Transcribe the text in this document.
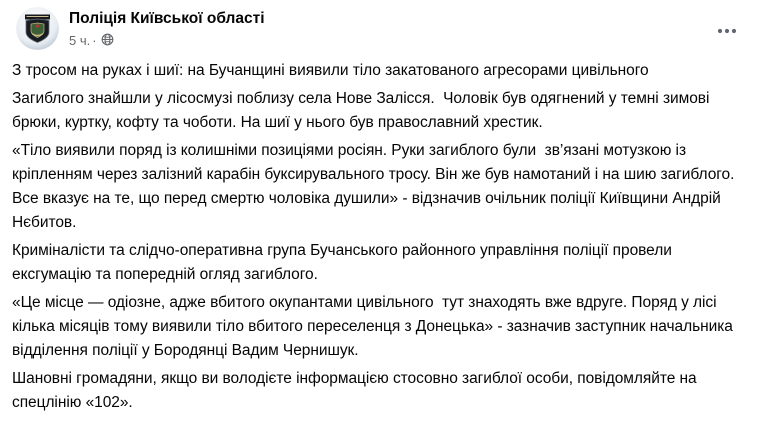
Поліція Київської області
5 ч. ·

З тросом на руках і шиї: на Бучанщині виявили тіло закатованого агресорами цивільного

Загиблого знайшли у лісосмузі поблизу села Нове Залісся.  Чоловік був одягнений у темні зимові брюки, куртку, кофту та чоботи. На шиї у нього був православний хрестик.

«Тіло виявили поряд із колишніми позиціями росіян. Руки загиблого були  зв’язані мотузкою із кріпленням через залізний карабін буксирувального тросу. Він же був намотаний і на шию загиблого. Все вказує на те, що перед смертю чоловіка душили» - відзначив очільник поліції Київщини Андрій Нєбитов.

Криміналісти та слідчо-оперативна група Бучанського районного управління поліції провели ексгумацію та попередній огляд загиблого.

«Це місце — одіозне, адже вбитого окупантами цивільного  тут знаходять вже вдруге. Поряд у лісі кілька місяців тому виявили тіло вбитого переселенця з Донецька» - зазначив заступник начальника відділення поліції у Бородянці Вадим Чернишук.

Шановні громадяни, якщо ви володієте інформацією стосовно загиблої особи, повідомляйте на спецлінію «102».
